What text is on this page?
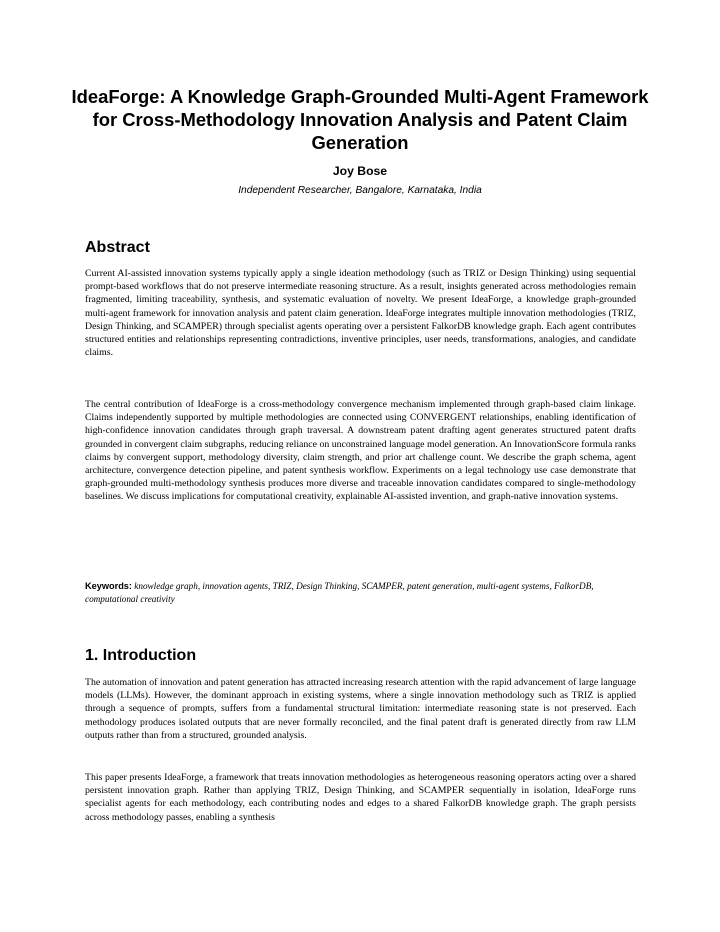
IdeaForge: A Knowledge Graph-Grounded Multi-Agent Framework for Cross-Methodology Innovation Analysis and Patent Claim Generation
Joy Bose
Independent Researcher, Bangalore, Karnataka, India
Abstract

Current AI-assisted innovation systems typically apply a single ideation methodology (such as TRIZ or Design Thinking) using sequential prompt-based workflows that do not preserve intermediate reasoning structure. As a result, insights generated across methodologies remain fragmented, limiting traceability, synthesis, and systematic evaluation of novelty. We present IdeaForge, a knowledge graph-grounded multi-agent framework for innovation analysis and patent claim generation. IdeaForge integrates multiple innovation methodologies (TRIZ, Design Thinking, and SCAMPER) through specialist agents operating over a persistent FalkorDB knowledge graph. Each agent contributes structured entities and relationships representing contradictions, inventive principles, user needs, transformations, analogies, and candidate claims.

The central contribution of IdeaForge is a cross-methodology convergence mechanism implemented through graph-based claim linkage. Claims independently supported by multiple methodologies are connected using CONVERGENT relationships, enabling identification of high-confidence innovation candidates through graph traversal. A downstream patent drafting agent generates structured patent drafts grounded in convergent claim subgraphs, reducing reliance on unconstrained language model generation. An InnovationScore formula ranks claims by convergent support, methodology diversity, claim strength, and prior art challenge count. We describe the graph schema, agent architecture, convergence detection pipeline, and patent synthesis workflow. Experiments on a legal technology use case demonstrate that graph-grounded multi-methodology synthesis produces more diverse and traceable innovation candidates compared to single-methodology baselines. We discuss implications for computational creativity, explainable AI-assisted invention, and graph-native innovation systems.

Keywords: knowledge graph, innovation agents, TRIZ, Design Thinking, SCAMPER, patent generation, multi-agent systems, FalkorDB, computational creativity

1. Introduction

The automation of innovation and patent generation has attracted increasing research attention with the rapid advancement of large language models (LLMs). However, the dominant approach in existing systems, where a single innovation methodology such as TRIZ is applied through a sequence of prompts, suffers from a fundamental structural limitation: intermediate reasoning state is not preserved. Each methodology produces isolated outputs that are never formally reconciled, and the final patent draft is generated directly from raw LLM outputs rather than from a structured, grounded analysis.

This paper presents IdeaForge, a framework that treats innovation methodologies as heterogeneous reasoning operators acting over a shared persistent innovation graph. Rather than applying TRIZ, Design Thinking, and SCAMPER sequentially in isolation, IdeaForge runs specialist agents for each methodology, each contributing nodes and edges to a shared FalkorDB knowledge graph. The graph persists across methodology passes, enabling a synthesis
